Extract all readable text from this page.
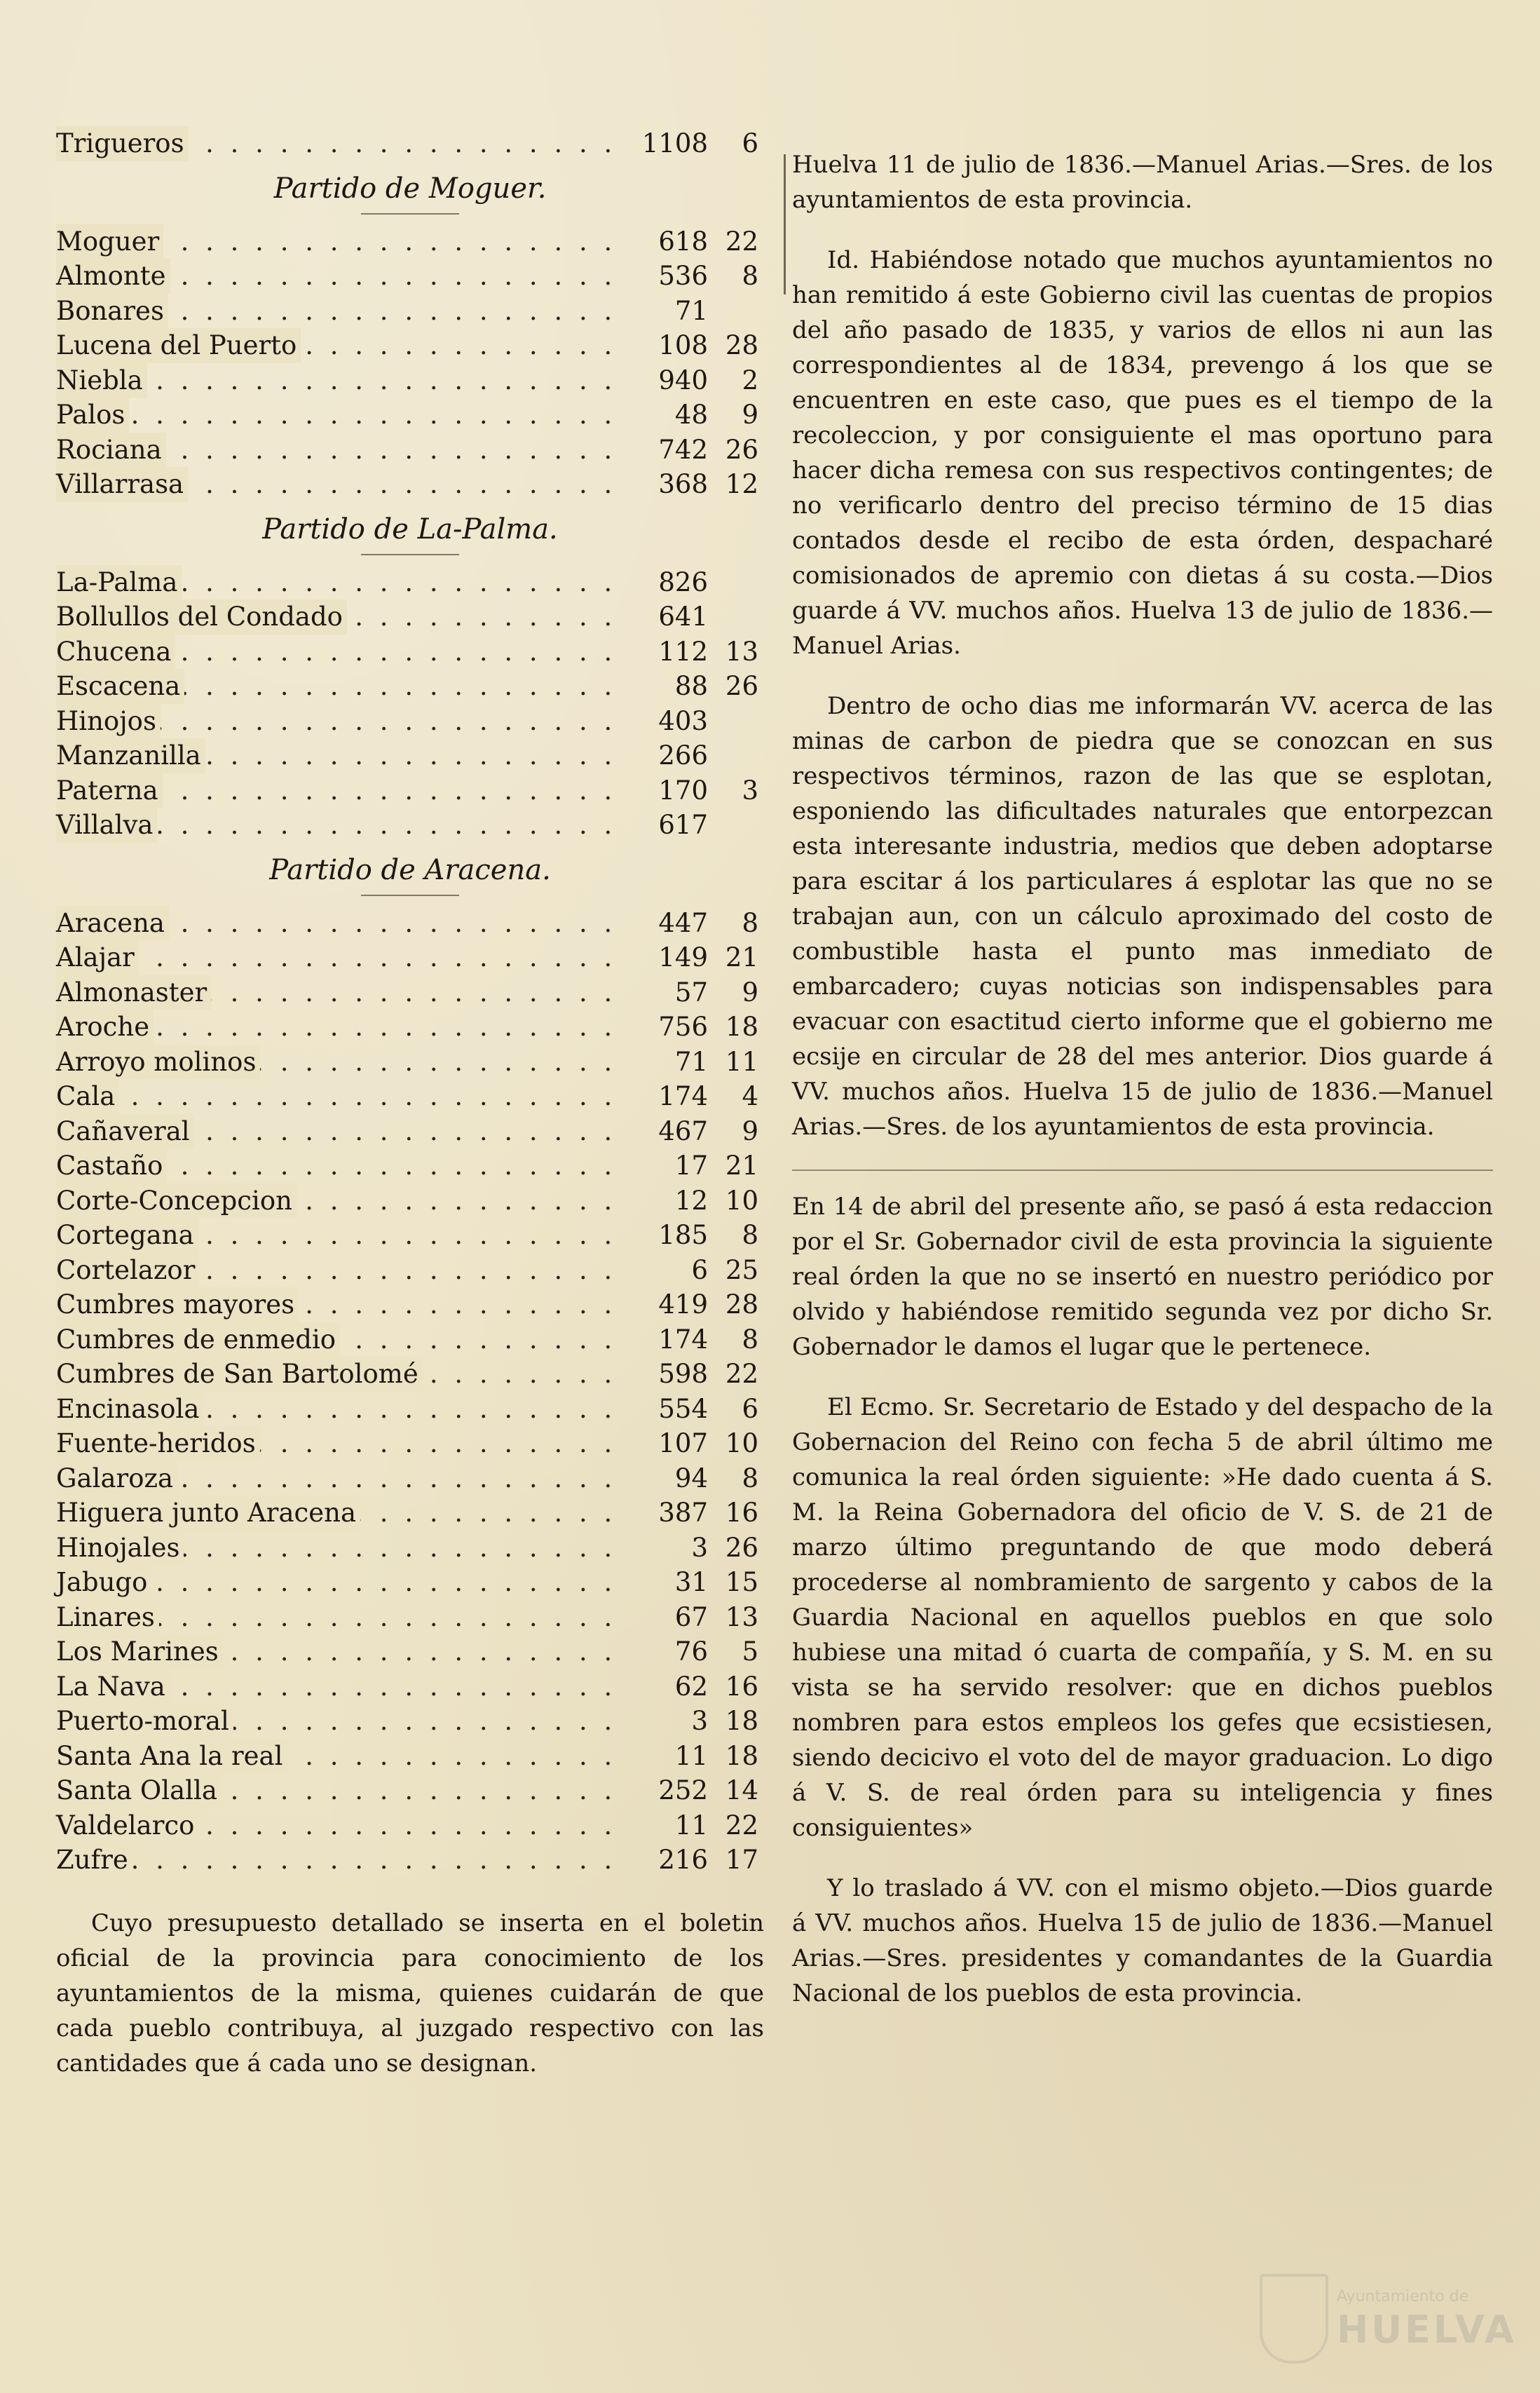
. . .
Trigueros	1108	6
Partido de Moguer.
. . .
Moguer	618 22
. . .
Almonte	536	8
. . .
Bonares	71
. . .
Lucena del Puerto	108 28
. . .
Niebla	940	2
. . .
Palos	48	9
. . .
Rociana	742 26
. . .
Villarrasa	368 12
Partido de La-Palma.
. . .
La-Palma	826
. . .
Bollullos del Condado	641
. . .
Chucena	112 13
. . .
Escacena	88 26
. . .
Hinojos	403
. . .
Manzanilla	266
. . .
Paterna	170	3
. . .
Villalva	617
Partido de Aracena.
. . .
Aracena	447	8
. . .
Alajar	149 21
. . .
Almonaster	57	9
. . .
Aroche	756 18
. . .
Arroyo molinos	71 11
. . .
Cala	174	4
. . .
Cañaveral	467	9
. . .
Castaño	17 21
. . .
Corte-Concepcion	12 10
. . .
Cortegana	185	8
. . .
Cortelazor	6 25
. . .
Cumbres mayores	419 28
. . .
Cumbres de enmedio	174	8
. . .
Cumbres de San Bartolomé	598 22
. . .
Encinasola	554	6
. . .
Fuente-heridos	107 10
. . .
Galaroza	94	8
. . .
Higuera junto Aracena	387 16
. . .
Hinojales	3 26
. . .
Jabugo	31 15
. . .
Linares	67 13
. . .
Los Marines	76	5
. . .
La Nava	62 16
. . .
Puerto-moral	3 18
. . .
Santa Ana la real	11 18
. . .
Santa Olalla	252 14
. . .
Valdelarco	11 22
. . .
Zufre	216 17

Cuyo presupuesto detallado se inserta en el boletin oficial de la provincia para conocimiento de los ayuntamientos de la misma, quienes cuidarán de que cada pueblo contribuya, al juzgado respectivo con las cantidades que á cada uno se designan.

Huelva 11 de julio de 1836.—Manuel Arias.—Sres. de los ayuntamientos de esta provincia.

Id. Habiéndose notado que muchos ayuntamientos no han remitido á este Gobierno civil las cuentas de propios del año pasado de 1835, y varios de ellos ni aun las correspondientes al de 1834, prevengo á los que se encuentren en este caso, que pues es el tiempo de la recoleccion, y por consiguiente el mas oportuno para hacer dicha remesa con sus respectivos contingentes; de no verificarlo dentro del preciso término de 15 dias contados desde el recibo de esta órden, despacharé comisionados de apremio con dietas á su costa.—Dios guarde á VV. muchos años. Huelva 13 de julio de 1836.—Manuel Arias.

Dentro de ocho dias me informarán VV. acerca de las minas de carbon de piedra que se conozcan en sus respectivos términos, razon de las que se esplotan, esponiendo las dificultades naturales que entorpezcan esta interesante industria, medios que deben adoptarse para escitar á los particulares á esplotar las que no se trabajan aun, con un cálculo aproximado del costo de combustible hasta el punto mas inmediato de embarcadero; cuyas noticias son indispensables para evacuar con esactitud cierto informe que el gobierno me ecsije en circular de 28 del mes anterior. Dios guarde á VV. muchos años. Huelva 15 de julio de 1836.—Manuel Arias.—Sres. de los ayuntamientos de esta provincia.

En 14 de abril del presente año, se pasó á esta redaccion por el Sr. Gobernador civil de esta provincia la siguiente real órden la que no se insertó en nuestro periódico por olvido y habiéndose remitido segunda vez por dicho Sr. Gobernador le damos el lugar que le pertenece.

El Ecmo. Sr. Secretario de Estado y del despacho de la Gobernacion del Reino con fecha 5 de abril último me comunica la real órden siguiente: »He dado cuenta á S. M. la Reina Gobernadora del oficio de V. S. de 21 de marzo último preguntando de que modo deberá procederse al nombramiento de sargento y cabos de la Guardia Nacional en aquellos pueblos en que solo hubiese una mitad ó cuarta de compañía, y S. M. en su vista se ha servido resolver: que en dichos pueblos nombren para estos empleos los gefes que ecsistiesen, siendo decicivo el voto del de mayor graduacion. Lo digo á V. S. de real órden para su inteligencia y fines consiguientes»

Y lo traslado á VV. con el mismo objeto.—Dios guarde á VV. muchos años. Huelva 15 de julio de 1836.—Manuel Arias.—Sres. presidentes y comandantes de la Guardia Nacional de los pueblos de esta provincia.

Ayuntamiento de
HUELVA
